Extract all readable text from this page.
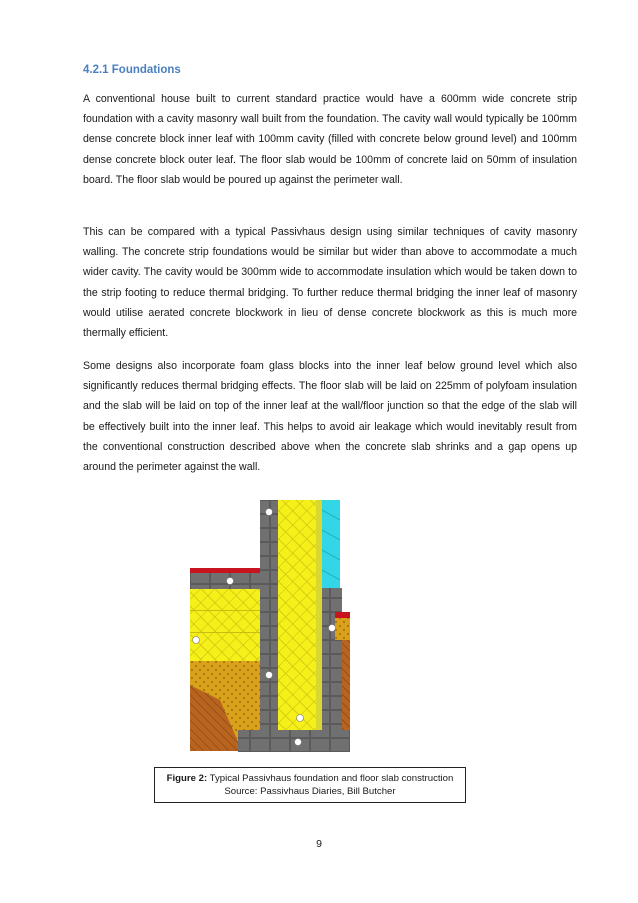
4.2.1 Foundations

A conventional house built to current standard practice would have a 600mm wide concrete strip foundation with a cavity masonry wall built from the foundation. The cavity wall would typically be 100mm dense concrete block inner leaf with 100mm cavity (filled with concrete below ground level) and 100mm dense concrete block outer leaf. The floor slab would be 100mm of concrete laid on 50mm of insulation board. The floor slab would be poured up against the perimeter wall.

This can be compared with a typical Passivhaus design using similar techniques of cavity masonry walling. The concrete strip foundations would be similar but wider than above to accommodate a much wider cavity. The cavity would be 300mm wide to accommodate insulation which would be taken down to the strip footing to reduce thermal bridging. To further reduce thermal bridging the inner leaf of masonry would utilise aerated concrete blockwork in lieu of dense concrete blockwork as this is much more thermally efficient.

Some designs also incorporate foam glass blocks into the inner leaf below ground level which also significantly reduces thermal bridging effects. The floor slab will be laid on 225mm of polyfoam insulation and the slab will be laid on top of the inner leaf at the wall/floor junction so that the edge of the slab will be effectively built into the inner leaf. This helps to avoid air leakage which would inevitably result from the conventional construction described above when the concrete slab shrinks and a gap opens up around the perimeter against the wall.

Figure 2: Typical Passivhaus foundation and floor slab construction
Source: Passivhaus Diaries, Bill Butcher
9
